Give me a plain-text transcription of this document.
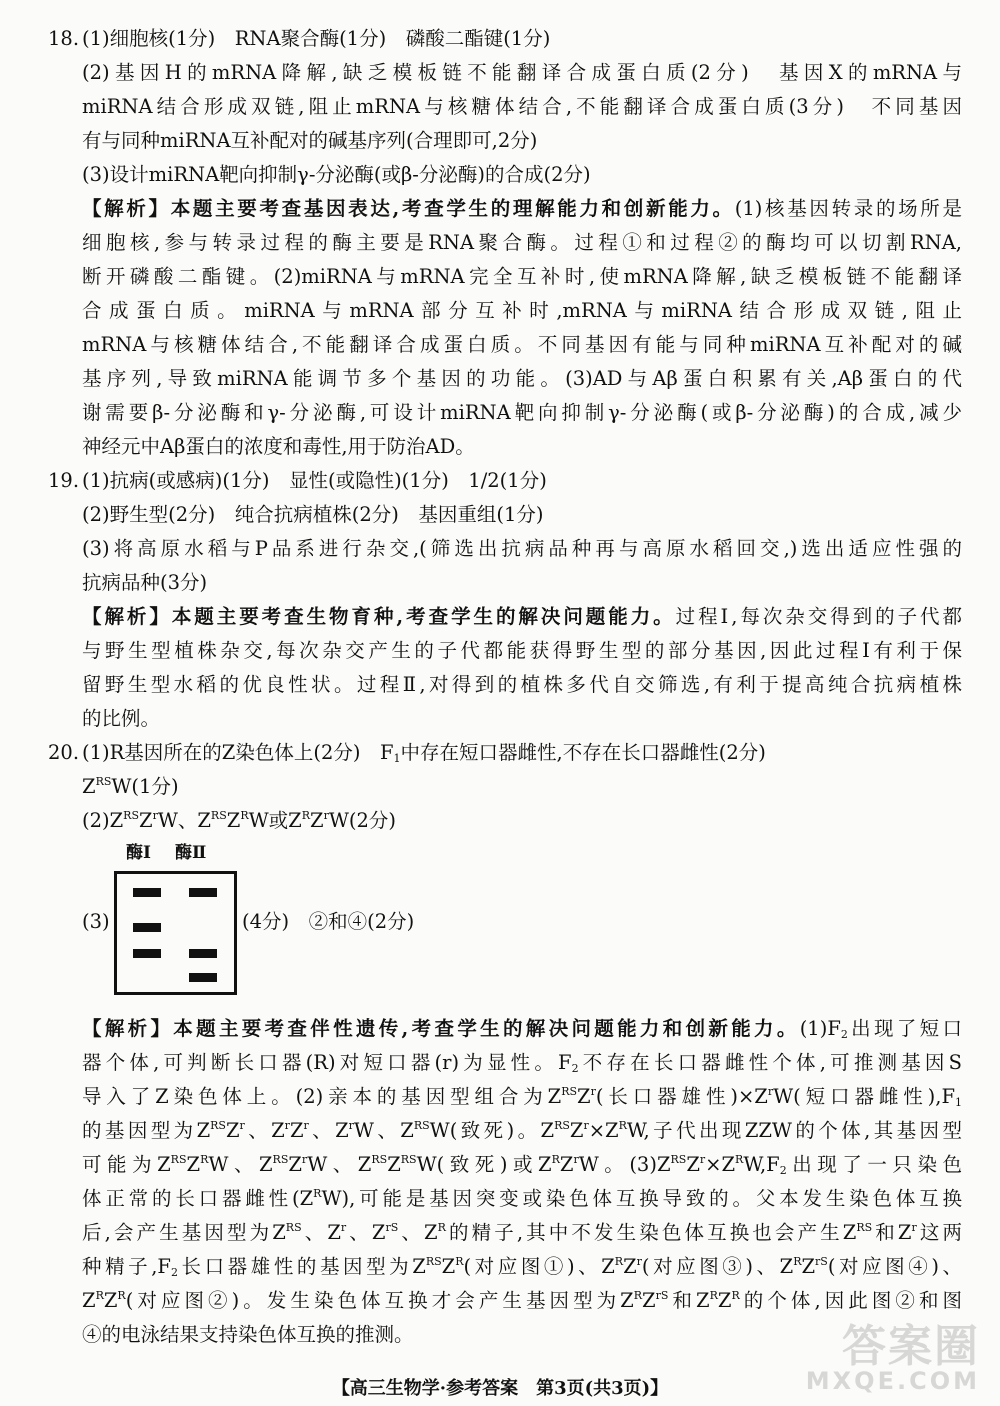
18. (1)细胞核(1分)　RNA聚合酶(1分)　磷酸二酯键(1分)
(2)基因H的mRNA降解,缺乏模板链不能翻译合成蛋白质(2分)　基因X的mRNA与
miRNA结合形成双链,阻止mRNA与核糖体结合,不能翻译合成蛋白质(3分)　不同基因
有与同种miRNA互补配对的碱基序列(合理即可,2分)
(3)设计miRNA靶向抑制γ-分泌酶(或β-分泌酶)的合成(2分)
【解析】本题主要考查基因表达,考查学生的理解能力和创新能力。(1)核基因转录的场所是
细胞核,参与转录过程的酶主要是RNA聚合酶。过程①和过程②的酶均可以切割RNA,
断开磷酸二酯键。(2)miRNA与mRNA完全互补时,使mRNA降解,缺乏模板链不能翻译
合成蛋白质。miRNA与mRNA部分互补时,mRNA与miRNA结合形成双链,阻止
mRNA与核糖体结合,不能翻译合成蛋白质。不同基因有能与同种miRNA互补配对的碱
基序列,导致miRNA能调节多个基因的功能。(3)AD与Aβ蛋白积累有关,Aβ蛋白的代
谢需要β-分泌酶和γ-分泌酶,可设计miRNA靶向抑制γ-分泌酶(或β-分泌酶)的合成,减少
神经元中Aβ蛋白的浓度和毒性,用于防治AD。
19. (1)抗病(或感病)(1分)　显性(或隐性)(1分)　1/2(1分)
(2)野生型(2分)　纯合抗病植株(2分)　基因重组(1分)
(3)将高原水稻与P品系进行杂交,(筛选出抗病品种再与高原水稻回交,)选出适应性强的
抗病品种(3分)
【解析】本题主要考查生物育种,考查学生的解决问题能力。过程Ⅰ,每次杂交得到的子代都
与野生型植株杂交,每次杂交产生的子代都能获得野生型的部分基因,因此过程Ⅰ有利于保
留野生型水稻的优良性状。过程Ⅱ,对得到的植株多代自交筛选,有利于提高纯合抗病植株
的比例。
20. (1)R基因所在的Z染色体上(2分)　$F_1$中存在短口器雌性,不存在长口器雌性(2分)
$Z^{RS}W(1$分)
$(2)Z^{RS}Z^rW$、$Z^{RS}Z^RW$或$Z^RZ^rW(2$分)
酶Ⅰ 酶Ⅱ
(3)	(4分)　②和④(2分)
【解析】本题主要考查伴性遗传,考查学生的解决问题能力和创新能力。$(1)F_2$出现了短口
器个体,可判断长口器(R)对短口器(r)为显性。$F_2$不存在长口器雌性个体,可推测基因S
导入了Z染色体上。(2)亲本的基因型组合为$Z^{RS}Z^r$(长口器雄性)$\times Z^rW$(短口器雌性)$,F_1$
的基因型为$Z^{RS}Z^r$、$Z^rZ^r$、$Z^rW$、$Z^{RS}W$(致死)。$Z^{RS}Z^r\times Z^RW$,子代出现ZZW的个体,其基因型
可能为$Z^{RS}Z^RW$、$Z^{RS}Z^rW$、$Z^{RS}Z^{RS}W$(致死)或$Z^RZ^rW$。$(3)Z^{RS}Z^r\times Z^RW,F_2$出现了一只染色
体正常的长口器雌性$(Z^RW)$,可能是基因突变或染色体互换导致的。父本发生染色体互换
后,会产生基因型为$Z^{RS}$、$Z^r$、$Z^{rS}$、$Z^R$的精子,其中不发生染色体互换也会产生$Z^{RS}$和$Z^r$这两
种精子$,F_2$长口器雄性的基因型为$Z^{RS}Z^R$(对应图①)、$Z^RZ^r$(对应图③)、$Z^RZ^{rS}$(对应图④)、
$Z^RZ^R$(对应图②)。发生染色体互换才会产生基因型为$Z^RZ^{rS}$和$Z^RZ^R$的个体,因此图②和图
④的电泳结果支持染色体互换的推测。
【高三生物学·参考答案　第3页(共3页)】
答案圈
MXQE.COM
